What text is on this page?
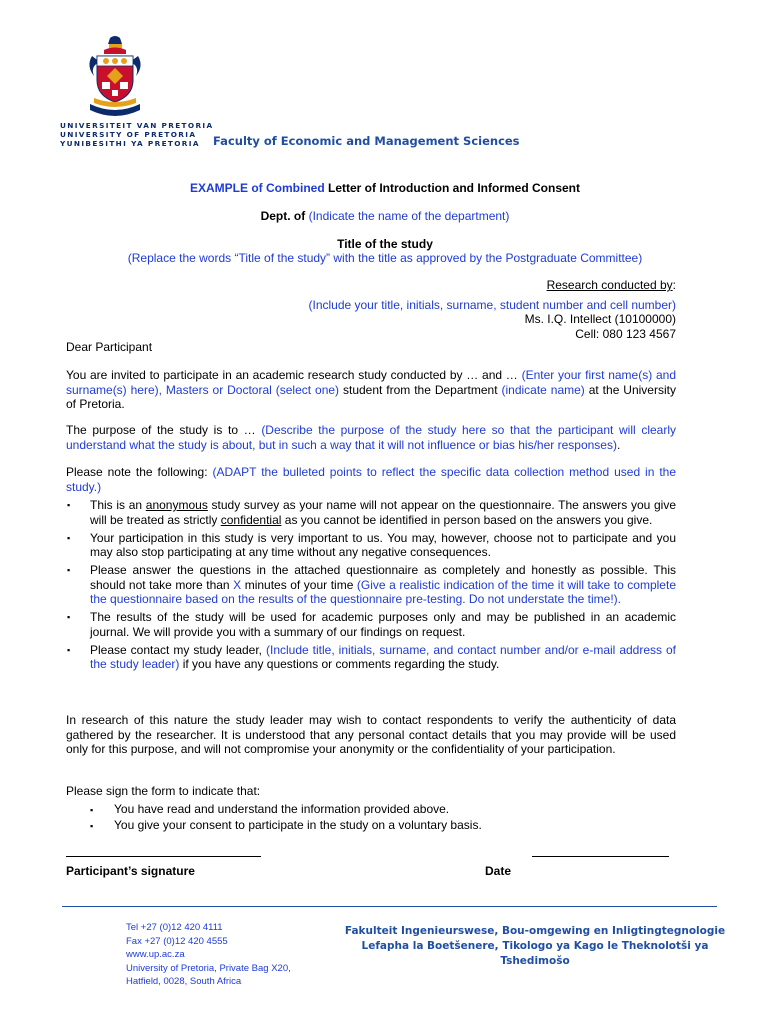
UNIVERSITEIT VAN PRETORIA
UNIVERSITY OF PRETORIA
YUNIBESITHI YA PRETORIA	Faculty of Economic and Management Sciences
EXAMPLE of Combined Letter of Introduction and Informed Consent
Dept. of (Indicate the name of the department)
Title of the study
(Replace the words “Title of the study” with the title as approved by the Postgraduate Committee)
Research conducted by:
(Include your title, initials, surname, student number and cell number)
Ms. I.Q. Intellect (10100000)
Cell: 080 123 4567
Dear Participant
You are invited to participate in an academic research study conducted by … and … (Enter your first name(s) and surname(s) here), Masters or Doctoral (select one) student from the Department (indicate name) at the University of Pretoria.
The purpose of the study is to … (Describe the purpose of the study here so that the participant will clearly understand what the study is about, but in such a way that it will not influence or bias his/her responses).
Please note the following: (ADAPT the bulleted points to reflect the specific data collection method used in the study.)
▪ This is an anonymous study survey as your name will not appear on the questionnaire. The answers you give will be treated as strictly confidential as you cannot be identified in person based on the answers you give.
▪ Your participation in this study is very important to us. You may, however, choose not to participate and you may also stop participating at any time without any negative consequences.
▪ Please answer the questions in the attached questionnaire as completely and honestly as possible. This should not take more than X minutes of your time (Give a realistic indication of the time it will take to complete the questionnaire based on the results of the questionnaire pre-testing. Do not understate the time!).
▪ The results of the study will be used for academic purposes only and may be published in an academic journal. We will provide you with a summary of our findings on request.
▪ Please contact my study leader, (Include title, initials, surname, and contact number and/or e-mail address of the study leader) if you have any questions or comments regarding the study.
In research of this nature the study leader may wish to contact respondents to verify the authenticity of data gathered by the researcher. It is understood that any personal contact details that you may provide will be used only for this purpose, and will not compromise your anonymity or the confidentiality of your participation.
Please sign the form to indicate that:
▪ You have read and understand the information provided above.
▪ You give your consent to participate in the study on a voluntary basis.
Participant’s signature	Date
Tel +27 (0)12 420 4111
Fax +27 (0)12 420 4555
www.up.ac.za
University of Pretoria, Private Bag X20,
Hatfield, 0028, South Africa
Fakulteit Ingenieurswese, Bou-omgewing en Inligtingtegnologie
Lefapha la Boetšenere, Tikologo ya Kago le Theknolotši ya Tshedimošo
